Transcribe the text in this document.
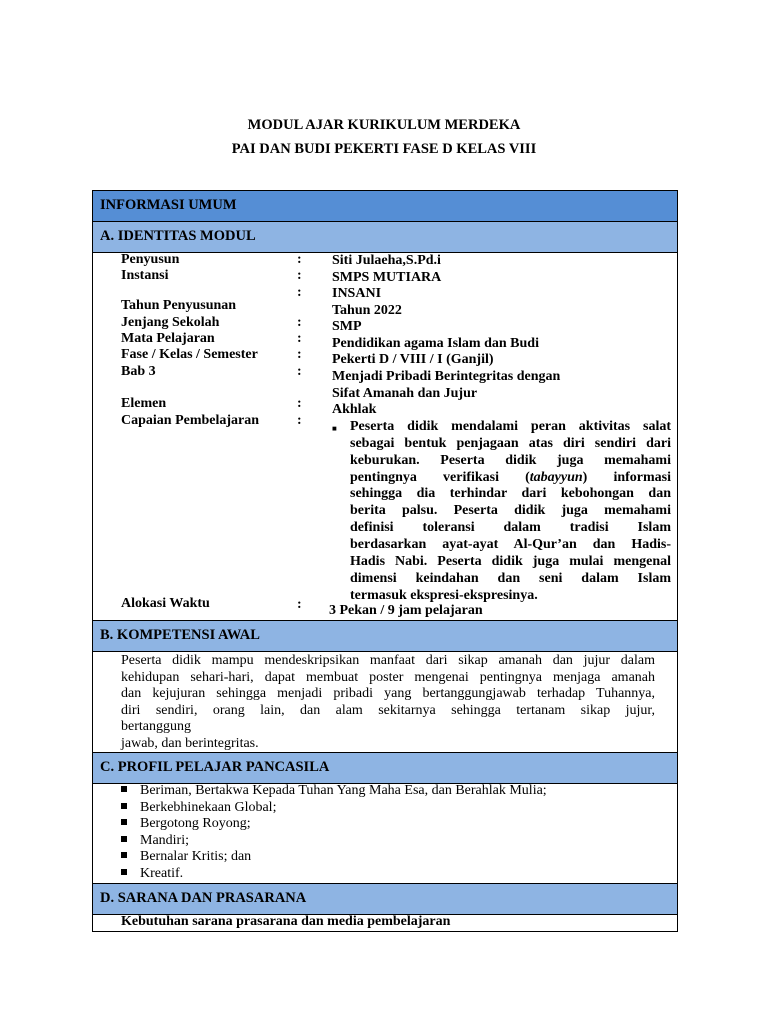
MODUL AJAR KURIKULUM MERDEKA
PAI DAN BUDI PEKERTI FASE D KELAS VIII
INFORMASI UMUM
A. IDENTITAS MODUL
Penyusun
Instansi
Tahun Penyusunan
Jenjang Sekolah
Mata Pelajaran
Fase / Kelas / Semester
Bab 3
Elemen
Capaian Pembelajaran
Alokasi Waktu
:
:
:
:
:
:
:
:
:
:
Siti Julaeha,S.Pd.i
SMPS MUTIARA
INSANI
Tahun 2022
SMP
Pendidikan agama Islam dan Budi
Pekerti D / VIII / I (Ganjil)
Menjadi Pribadi Berintegritas dengan
Sifat Amanah dan Jujur
Akhlak
■ Peserta didik mendalami peran aktivitas salat
sebagai bentuk penjagaan atas diri sendiri dari
keburukan. Peserta didik juga memahami
pentingnya verifikasi (tabayyun) informasi
sehingga dia terhindar dari kebohongan dan
berita palsu. Peserta didik juga memahami
definisi toleransi dalam tradisi Islam
berdasarkan ayat-ayat Al-Qur’an dan Hadis-
Hadis Nabi. Peserta didik juga mulai mengenal
dimensi keindahan dan seni dalam Islam
termasuk ekspresi-ekspresinya.
3 Pekan / 9 jam pelajaran
B. KOMPETENSI AWAL
Peserta didik mampu mendeskripsikan manfaat dari sikap amanah dan jujur dalam
kehidupan sehari-hari, dapat membuat poster mengenai pentingnya menjaga amanah
dan kejujuran sehingga menjadi pribadi yang bertanggungjawab terhadap Tuhannya,
diri sendiri, orang lain, dan alam sekitarnya sehingga tertanam sikap jujur,
bertanggung
jawab, dan berintegritas.
C. PROFIL PELAJAR PANCASILA
Beriman, Bertakwa Kepada Tuhan Yang Maha Esa, dan Berahlak Mulia;
Berkebhinekaan Global;
Bergotong Royong;
Mandiri;
Bernalar Kritis; dan
Kreatif.
D. SARANA DAN PRASARANA
Kebutuhan sarana prasarana dan media pembelajaran
